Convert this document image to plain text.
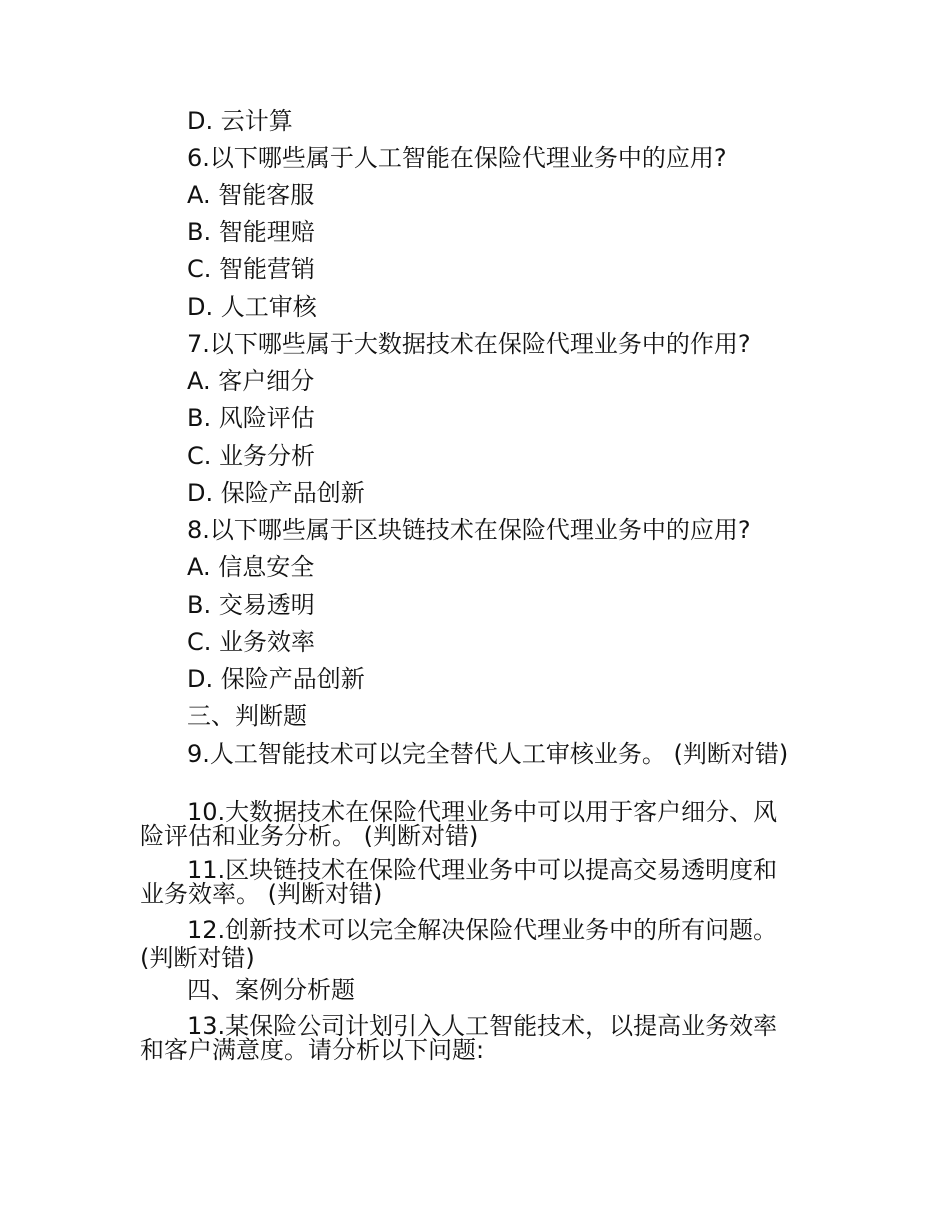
D. 云计算
6.以下哪些属于人工智能在保险代理业务中的应用?
A. 智能客服
B. 智能理赔
C. 智能营销
D. 人工审核
7.以下哪些属于大数据技术在保险代理业务中的作用?
A. 客户细分
B. 风险评估
C. 业务分析
D. 保险产品创新
8.以下哪些属于区块链技术在保险代理业务中的应用?
A. 信息安全
B. 交易透明
C. 业务效率
D. 保险产品创新
三、判断题
9.人工智能技术可以完全替代人工审核业务。 (判断对错)
10.大数据技术在保险代理业务中可以用于客户细分、风险评估和业务分析。 (判断对错)
11.区块链技术在保险代理业务中可以提高交易透明度和业务效率。 (判断对错)
12.创新技术可以完全解决保险代理业务中的所有问题。 (判断对错)
四、案例分析题
13.某保险公司计划引入人工智能技术，以提高业务效率和客户满意度。请分析以下问题:
